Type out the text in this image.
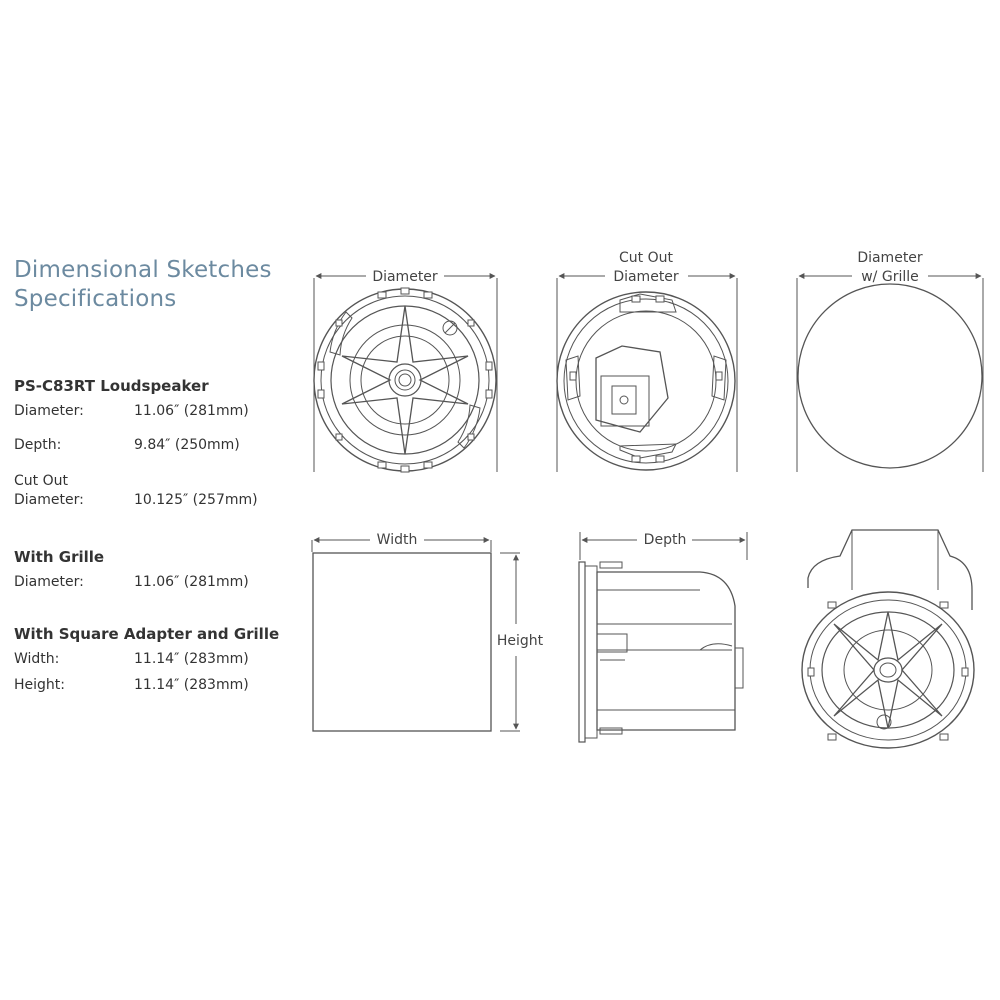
Dimensional Sketches
Specifications
PS-C83RT Loudspeaker
Diameter:	11.06″ (281mm)
Depth:	9.84″ (250mm)
Cut Out
Diameter:	10.125″ (257mm)
With Grille
Diameter:	11.06″ (281mm)
With Square Adapter and Grille
Width:	11.14″ (283mm)
Height:	11.14″ (283mm)
Diameter
Cut Out
Diameter
Diameter
w/ Grille
Width
Height
Depth
